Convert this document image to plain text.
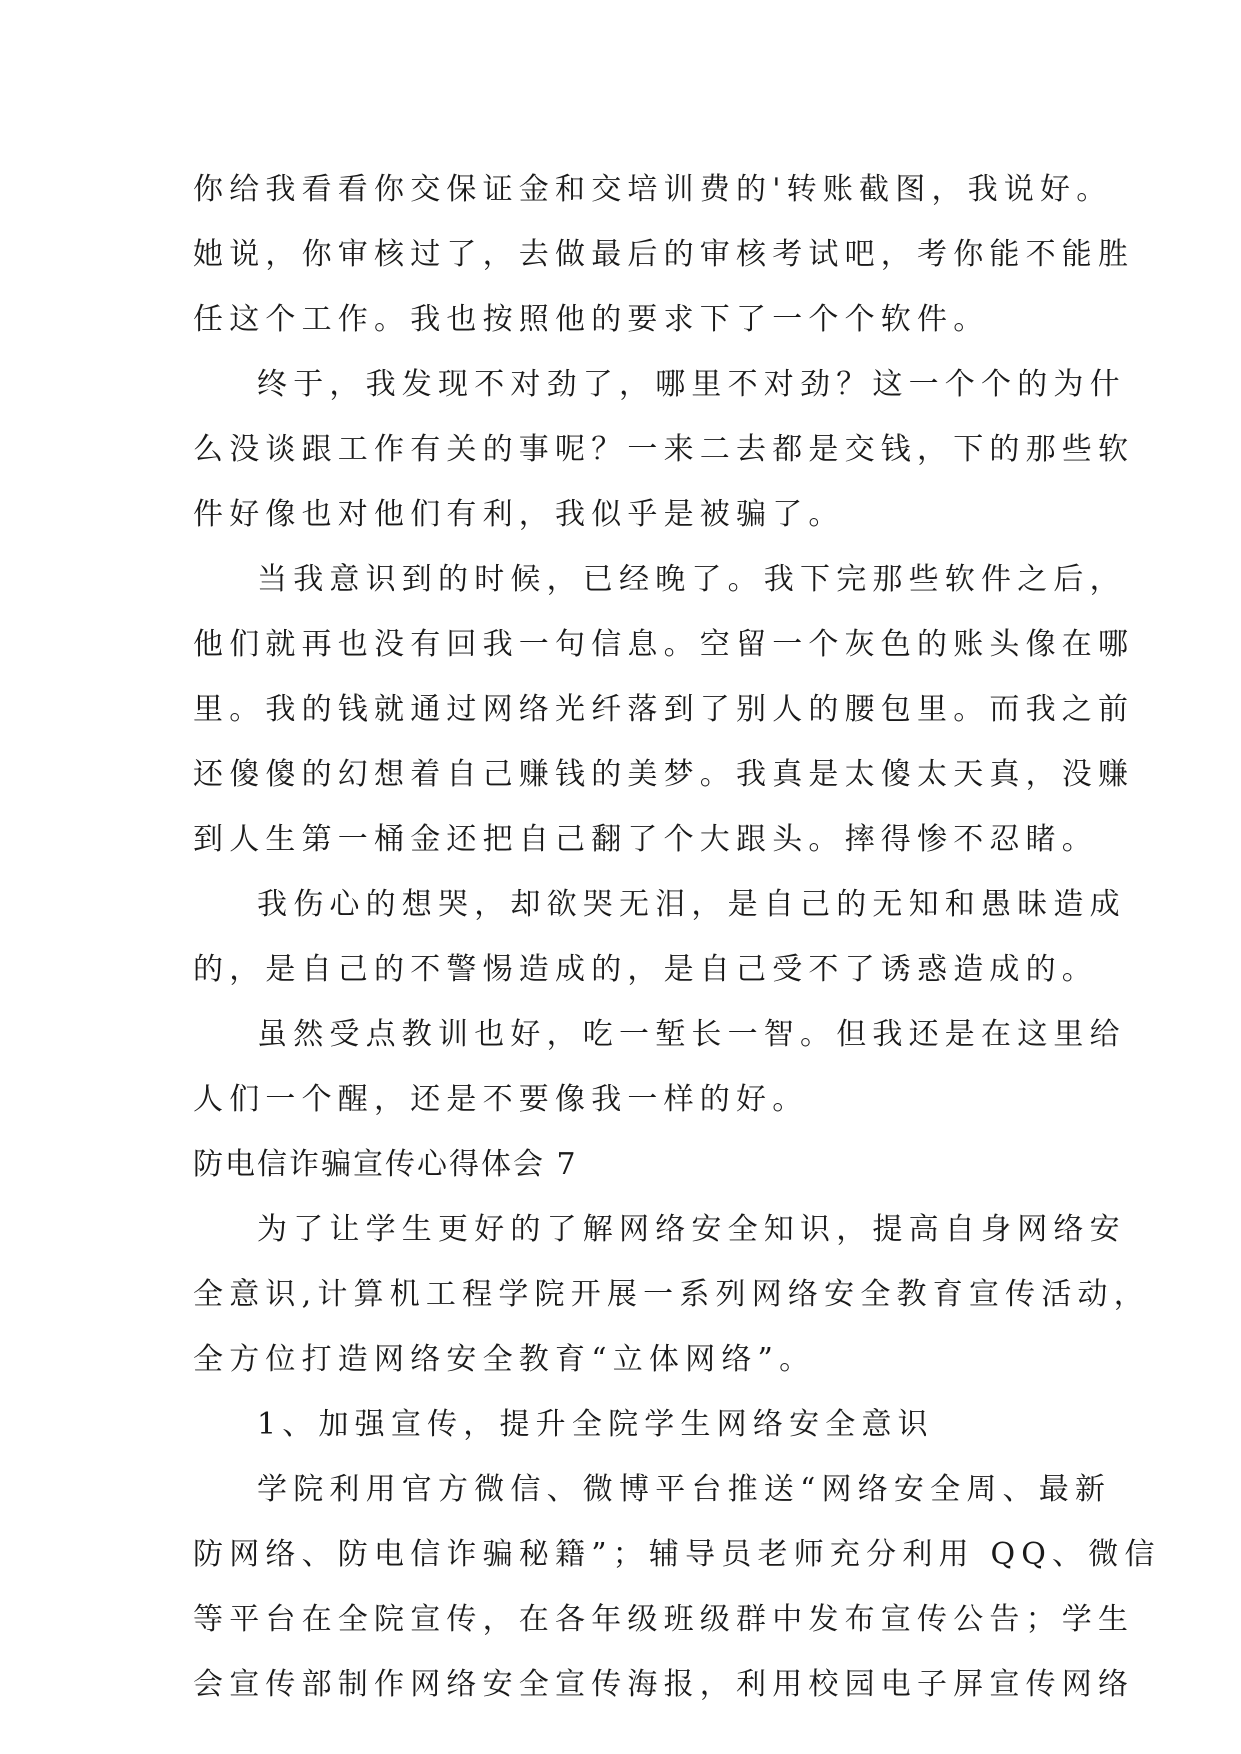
你给我看看你交保证金和交培训费的'转账截图，我说好。
她说，你审核过了，去做最后的审核考试吧，考你能不能胜
任这个工作。我也按照他的要求下了一个个软件。
终于，我发现不对劲了，哪里不对劲？这一个个的为什
么没谈跟工作有关的事呢？一来二去都是交钱，下的那些软
件好像也对他们有利，我似乎是被骗了。
当我意识到的时候，已经晚了。我下完那些软件之后，
他们就再也没有回我一句信息。空留一个灰色的账头像在哪
里。我的钱就通过网络光纤落到了别人的腰包里。而我之前
还傻傻的幻想着自己赚钱的美梦。我真是太傻太天真，没赚
到人生第一桶金还把自己翻了个大跟头。摔得惨不忍睹。
我伤心的想哭，却欲哭无泪，是自己的无知和愚昧造成
的，是自己的不警惕造成的，是自己受不了诱惑造成的。
虽然受点教训也好，吃一堑长一智。但我还是在这里给
人们一个醒，还是不要像我一样的好。
防电信诈骗宣传心得体会 7
为了让学生更好的了解网络安全知识，提高自身网络安
全意识,计算机工程学院开展一系列网络安全教育宣传活动，
全方位打造网络安全教育“立体网络”。
1、加强宣传，提升全院学生网络安全意识
学院利用官方微信、微博平台推送“网络安全周、最新
防网络、防电信诈骗秘籍”；辅导员老师充分利用 QQ、微信
等平台在全院宣传，在各年级班级群中发布宣传公告；学生
会宣传部制作网络安全宣传海报，利用校园电子屏宣传网络
